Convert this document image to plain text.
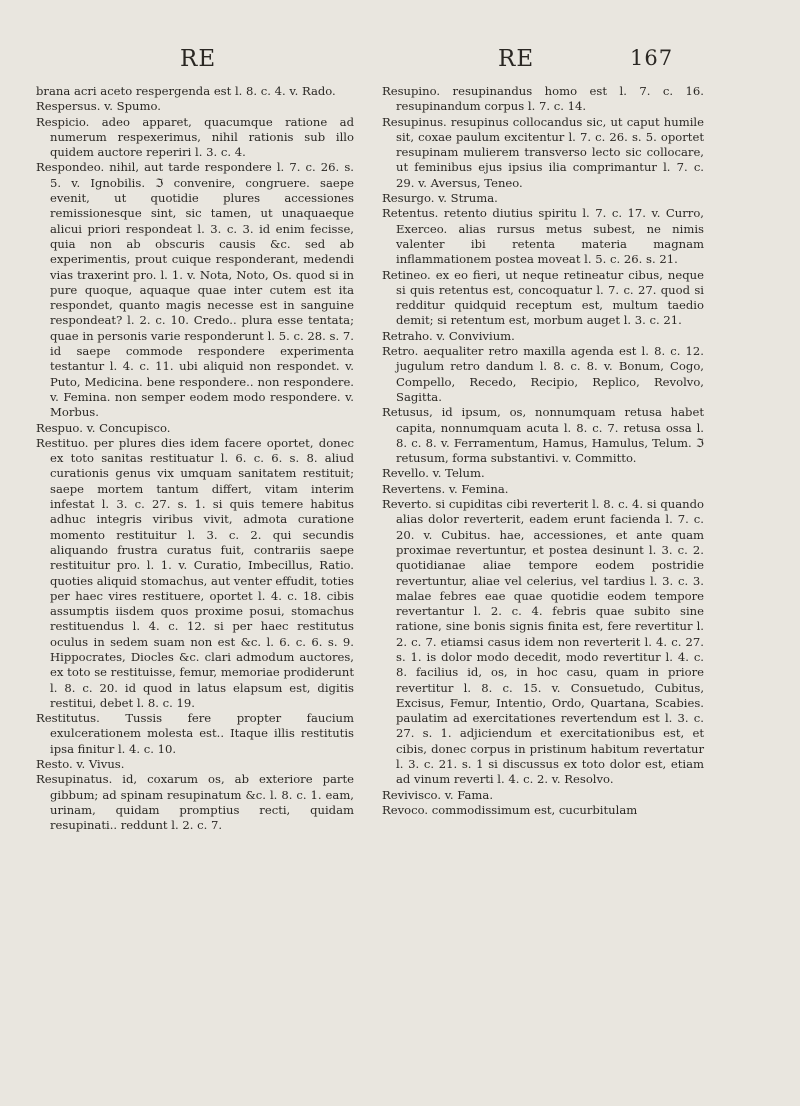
RE	RE	167

brana acri aceto respergenda est l. 8. c. 4. v. Rado.

Respersus. v. Spumo.

Respicio. adeo apparet, quacumque ratione ad numerum respexerimus, nihil rationis sub illo quidem auctore reperiri l. 3. c. 4.

Respondeo. nihil, aut tarde respondere l. 7. c. 26. s. 5. v. Ignobilis. ℑ convenire, congruere. saepe evenit, ut quotidie plures accessiones remissionesque sint, sic tamen, ut unaquaeque alicui priori respondeat l. 3. c. 3. id enim fecisse, quia non ab obscuris causis &c. sed ab experimentis, prout cuique responderant, medendi vias traxerint pro. l. 1. v. Nota, Noto, Os. quod si in pure quoque, aquaque quae inter cutem est ita respondet, quanto magis necesse est in sanguine respondeat? l. 2. c. 10. Credo.. plura esse tentata; quae in personis varie responderunt l. 5. c. 28. s. 7. id saepe commode respondere experimenta testantur l. 4. c. 11. ubi aliquid non respondet. v. Puto, Medicina. bene respondere.. non respondere. v. Femina. non semper eodem modo respondere. v. Morbus.

Respuo. v. Concupisco.

Restituo. per plures dies idem facere oportet, donec ex toto sanitas restituatur l. 6. c. 6. s. 8. aliud curationis genus vix umquam sanitatem restituit; saepe mortem tantum differt, vitam interim infestat l. 3. c. 27. s. 1. si quis temere habitus adhuc integris viribus vivit, admota curatione momento restituitur l. 3. c. 2. qui secundis aliquando frustra curatus fuit, contrariis saepe restituitur pro. l. 1. v. Curatio, Imbecillus, Ratio. quoties aliquid stomachus, aut venter effudit, toties per haec vires restituere, oportet l. 4. c. 18. cibis assumptis iisdem quos proxime posui, stomachus restituendus l. 4. c. 12. si per haec restitutus oculus in sedem suam non est &c. l. 6. c. 6. s. 9. Hippocrates, Diocles &c. clari admodum auctores, ex toto se restituisse, femur, memoriae prodiderunt l. 8. c. 20. id quod in latus elapsum est, digitis restitui, debet l. 8. c. 19.

Restitutus. Tussis fere propter faucium exulcerationem molesta est.. Itaque illis restitutis ipsa finitur l. 4. c. 10.

Resto. v. Vivus.

Resupinatus. id, coxarum os, ab exteriore parte gibbum; ad spinam resupinatum &c. l. 8. c. 1. eam, urinam, quidam promptius recti, quidam resupinati.. reddunt l. 2. c. 7.

Resupino. resupinandus homo est l. 7. c. 16. resupinandum corpus l. 7. c. 14.

Resupinus. resupinus collocandus sic, ut caput humile sit, coxae paulum excitentur l. 7. c. 26. s. 5. oportet resupinam mulierem transverso lecto sic collocare, ut feminibus ejus ipsius ilia comprimantur l. 7. c. 29. v. Aversus, Teneo.

Resurgo. v. Struma.

Retentus. retento diutius spiritu l. 7. c. 17. v. Curro, Exerceo. alias rursus metus subest, ne nimis valenter ibi retenta materia magnam inflammationem postea moveat l. 5. c. 26. s. 21.

Retineo. ex eo fieri, ut neque retineatur cibus, neque si quis retentus est, concoquatur l. 7. c. 27. quod si redditur quidquid receptum est, multum taedio demit; si retentum est, morbum auget l. 3. c. 21.

Retraho. v. Convivium.

Retro. aequaliter retro maxilla agenda est l. 8. c. 12. jugulum retro dandum l. 8. c. 8. v. Bonum, Cogo, Compello, Recedo, Recipio, Replico, Revolvo, Sagitta.

Retusus, id ipsum, os, nonnumquam retusa habet capita, nonnumquam acuta l. 8. c. 7. retusa ossa l. 8. c. 8. v. Ferramentum, Hamus, Hamulus, Telum. ℑ retusum, forma substantivi. v. Committo.

Revello. v. Telum.

Revertens. v. Femina.

Reverto. si cupiditas cibi reverterit l. 8. c. 4. si quando alias dolor reverterit, eadem erunt facienda l. 7. c. 20. v. Cubitus. hae, accessiones, et ante quam proximae revertuntur, et postea desinunt l. 3. c. 2. quotidianae aliae tempore eodem postridie revertuntur, aliae vel celerius, vel tardius l. 3. c. 3. malae febres eae quae quotidie eodem tempore revertantur l. 2. c. 4. febris quae subito sine ratione, sine bonis signis finita est, fere revertitur l. 2. c. 7. etiamsi casus idem non reverterit l. 4. c. 27. s. 1. is dolor modo decedit, modo revertitur l. 4. c. 8. facilius id, os, in hoc casu, quam in priore revertitur l. 8. c. 15. v. Consuetudo, Cubitus, Excisus, Femur, Intentio, Ordo, Quartana, Scabies. paulatim ad exercitationes revertendum est l. 3. c. 27. s. 1. adjiciendum et exercitationibus est, et cibis, donec corpus in pristinum habitum revertatur l. 3. c. 21. s. 1 si discussus ex toto dolor est, etiam ad vinum reverti l. 4. c. 2. v. Resolvo.

Revivisco. v. Fama.

Revoco. commodissimum est, cucurbitulam
